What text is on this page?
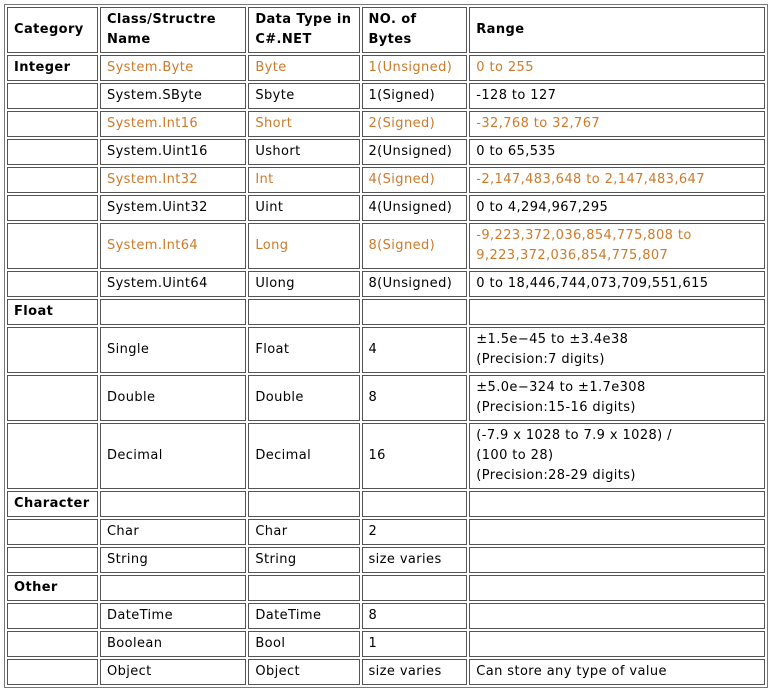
Category	Class/Structre Name	Data Type in C#.NET	NO. of Bytes	Range
Integer	System.Byte	Byte	1(Unsigned)	0 to 255
	System.SByte	Sbyte	1(Signed)	-128 to 127
	System.Int16	Short	2(Signed)	-32,768 to 32,767
	System.Uint16	Ushort	2(Unsigned)	0 to 65,535
	System.Int32	Int	4(Signed)	-2,147,483,648 to 2,147,483,647
	System.Uint32	Uint	4(Unsigned)	0 to 4,294,967,295
	System.Int64	Long	8(Signed)	-9,223,372,036,854,775,808 to
9,223,372,036,854,775,807

	System.Uint64	Ulong	8(Unsigned)	0 to 18,446,744,073,709,551,615
Float				
	Single	Float	4	±1.5e−45 to ±3.4e38
(Precision:7 digits)

	Double	Double	8	±5.0e−324 to ±1.7e308
(Precision:15-16 digits)

	Decimal	Decimal	16	(-7.9 x 1028 to 7.9 x 1028) /
(100 to 28)
(Precision:28-29 digits)

Character				
	Char	Char	2	
	String	String	size varies	
Other				
	DateTime	DateTime	8	
	Boolean	Bool	1	
	Object	Object	size varies	Can store any type of value
